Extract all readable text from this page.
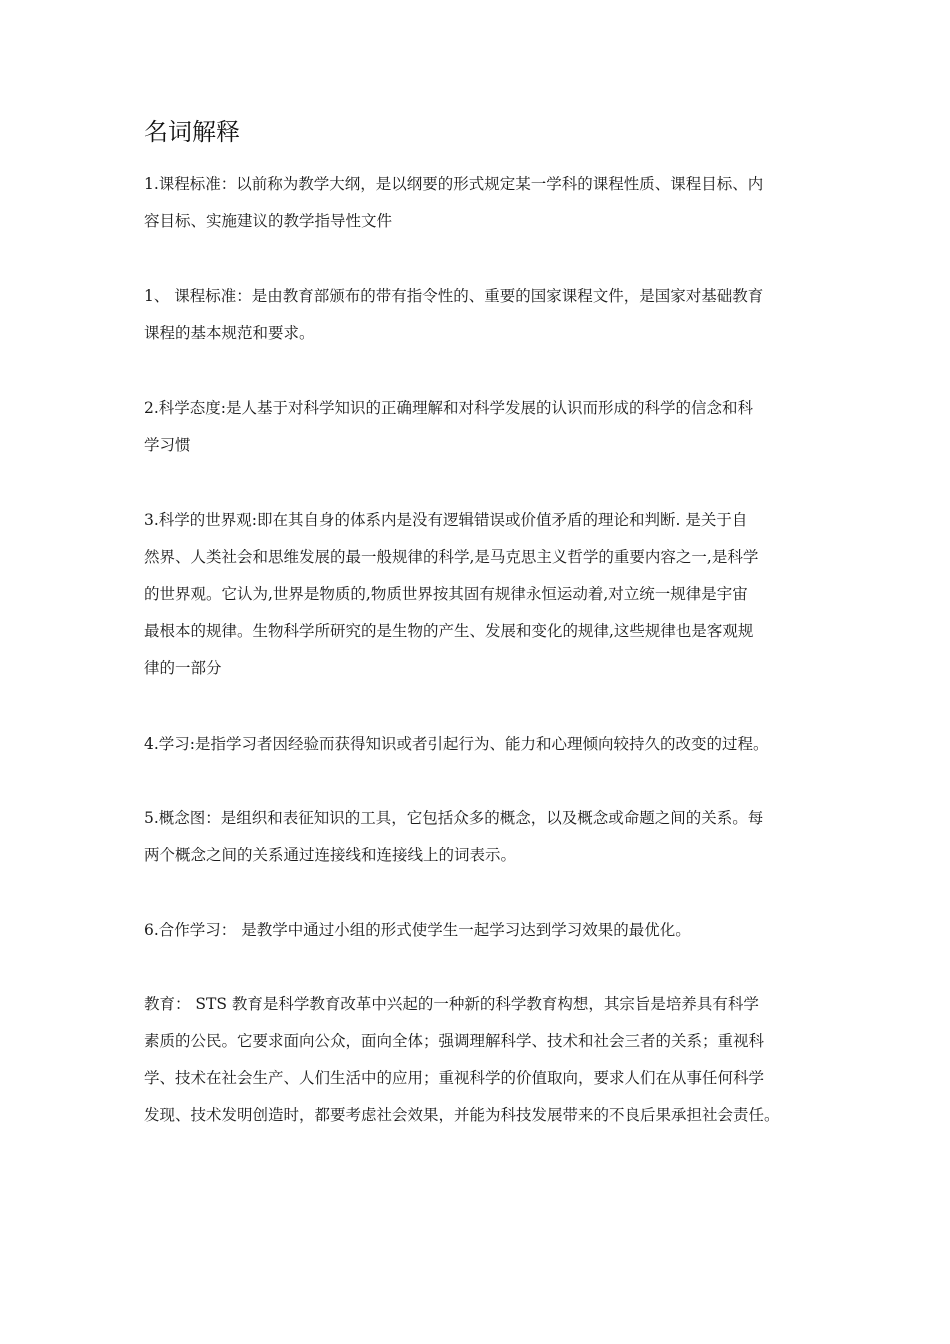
名词解释
1.课程标准：以前称为教学大纲，是以纲要的形式规定某一学科的课程性质、课程目标、内
容目标、实施建议的教学指导性文件
1、 课程标准：是由教育部颁布的带有指令性的、重要的国家课程文件，是国家对基础教育
课程的基本规范和要求。
2.科学态度:是人基于对科学知识的正确理解和对科学发展的认识而形成的科学的信念和科
学习惯
3.科学的世界观:即在其自身的体系内是没有逻辑错误或价值矛盾的理论和判断. 是关于自
然界、人类社会和思维发展的最一般规律的科学,是马克思主义哲学的重要内容之一,是科学
的世界观。它认为,世界是物质的,物质世界按其固有规律永恒运动着,对立统一规律是宇宙
最根本的规律。生物科学所研究的是生物的产生、发展和变化的规律,这些规律也是客观规
律的一部分
4.学习:是指学习者因经验而获得知识或者引起行为、能力和心理倾向较持久的改变的过程。
5.概念图：是组织和表征知识的工具，它包括众多的概念，以及概念或命题之间的关系。每
两个概念之间的关系通过连接线和连接线上的词表示。
6.合作学习： 是教学中通过小组的形式使学生一起学习达到学习效果的最优化。
教育： STS 教育是科学教育改革中兴起的一种新的科学教育构想，其宗旨是培养具有科学
素质的公民。它要求面向公众，面向全体；强调理解科学、技术和社会三者的关系；重视科
学、技术在社会生产、人们生活中的应用；重视科学的价值取向，要求人们在从事任何科学
发现、技术发明创造时，都要考虑社会效果，并能为科技发展带来的不良后果承担社会责任。
